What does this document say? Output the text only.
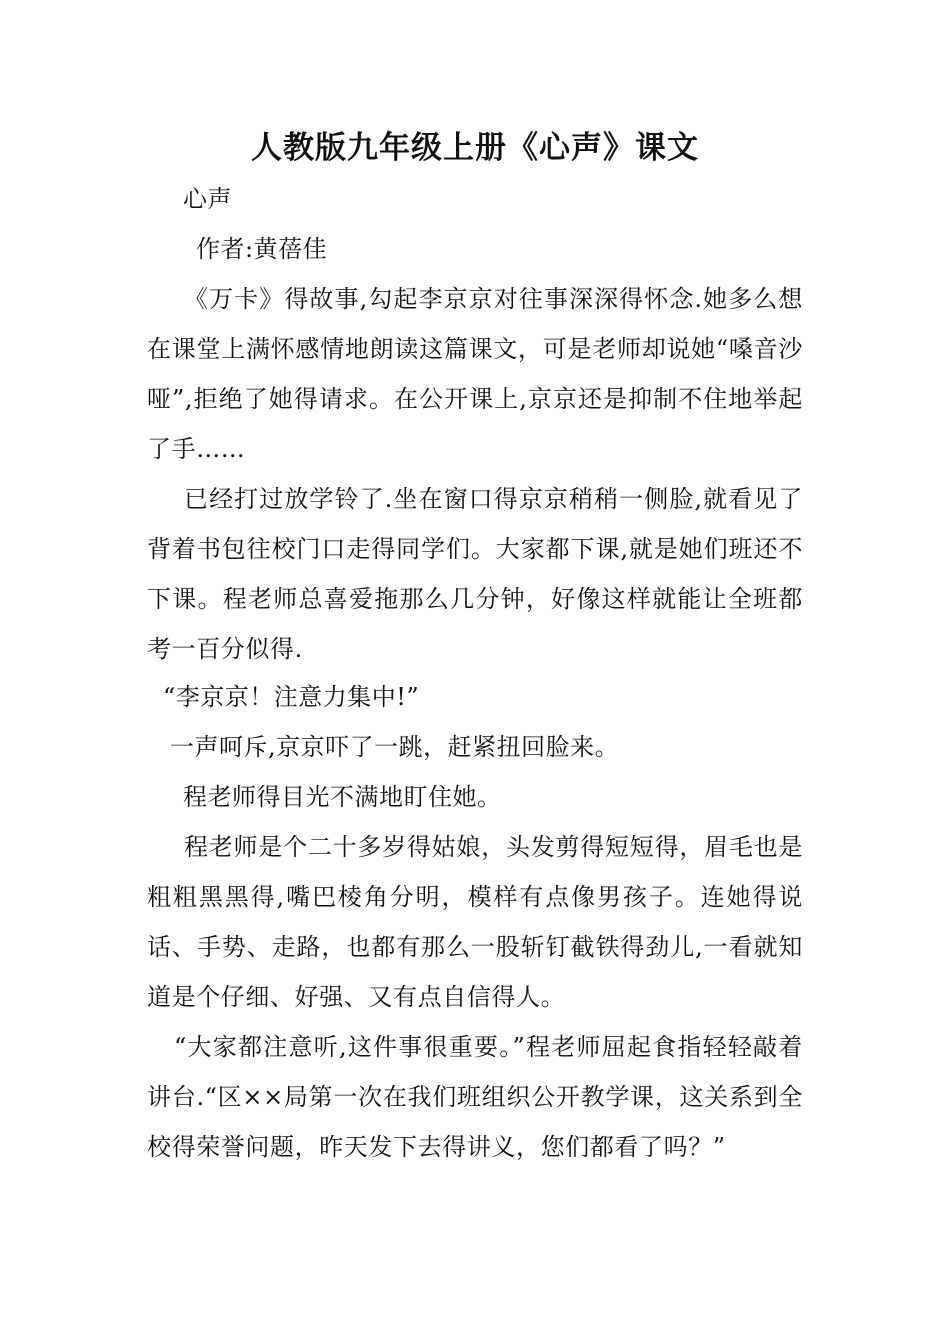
人教版九年级上册《心声》课文
心声
作者:黄蓓佳
《万卡》得故事,勾起李京京对往事深深得怀念.她多么想在课堂上满怀感情地朗读这篇课文，可是老师却说她“嗓音沙哑”,拒绝了她得请求。在公开课上,京京还是抑制不住地举起了手……
已经打过放学铃了.坐在窗口得京京稍稍一侧脸,就看见了背着书包往校门口走得同学们。大家都下课,就是她们班还不下课。程老师总喜爱拖那么几分钟，好像这样就能让全班都考一百分似得.
“李京京！注意力集中!”
一声呵斥,京京吓了一跳，赶紧扭回脸来。
程老师得目光不满地盯住她。
程老师是个二十多岁得姑娘，头发剪得短短得，眉毛也是粗粗黑黑得,嘴巴棱角分明，模样有点像男孩子。连她得说话、手势、走路，也都有那么一股斩钉截铁得劲儿,一看就知道是个仔细、好强、又有点自信得人。
“大家都注意听,这件事很重要。”程老师屈起食指轻轻敲着讲台.“区××局第一次在我们班组织公开教学课，这关系到全校得荣誉问题，昨天发下去得讲义，您们都看了吗？”
